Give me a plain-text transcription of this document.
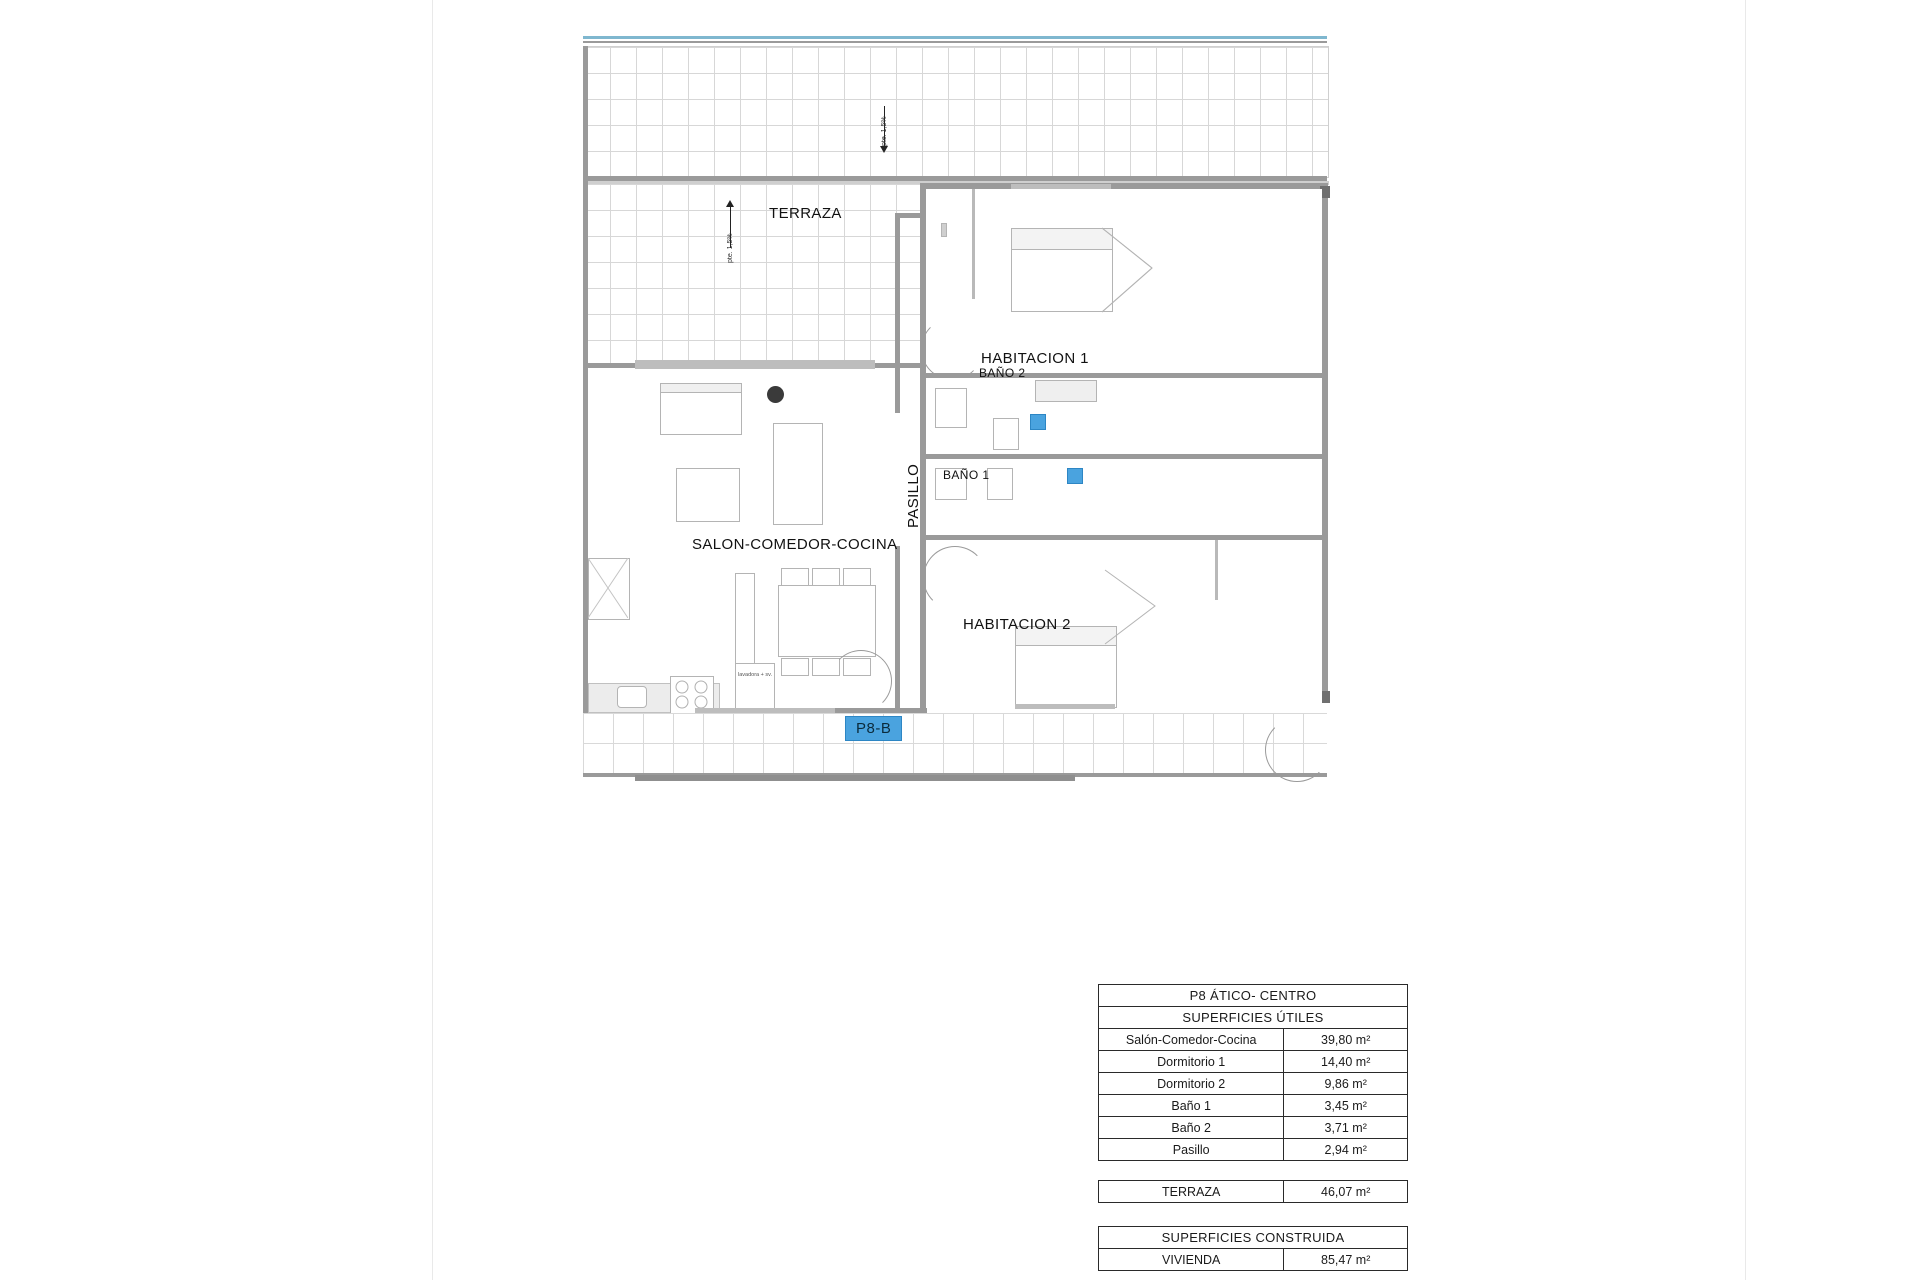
pte. 1,5%
pte. 1,5%
TERRAZA
HABITACION 1
BAÑO 2
BAÑO 1
HABITACION 2
PASILLO
SALON-COMEDOR-COCINA
lavadora + sv.
P8-B
P8 ÁTICO- CENTRO	
SUPERFICIES ÚTILES	
Salón-Comedor-Cocina	39,80 m²
Dormitorio 1	14,40 m²
Dormitorio 2	9,86 m²
Baño 1	3,45 m²
Baño 2	3,71 m²
Pasillo	2,94 m²
TERRAZA	46,07 m²
SUPERFICIES CONSTRUIDA
VIVIENDA	85,47 m²
